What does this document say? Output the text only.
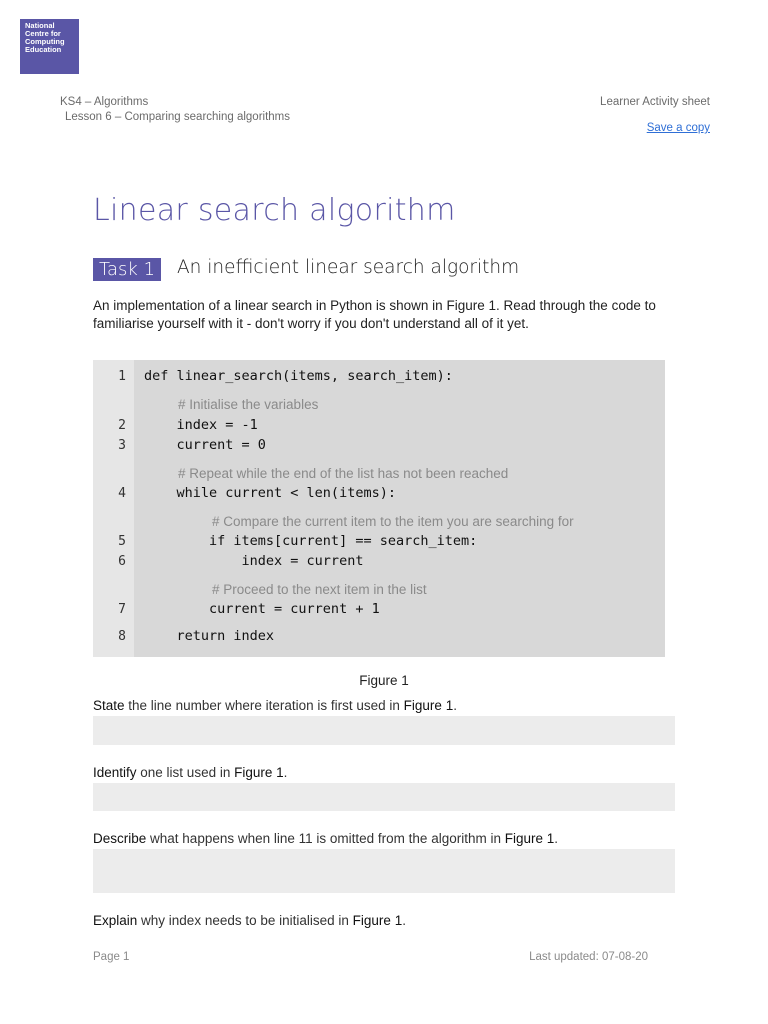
National
Centre for
Computing
Education
KS4 – Algorithms
Lesson 6 – Comparing searching algorithms
Learner Activity sheet
Save a copy
Linear search algorithm
Task 1	An inefficient linear search algorithm
An implementation of a linear search in Python is shown in Figure 1. Read through the code to familiarise yourself with it - don't worry if you don't understand all of it yet.
1 def linear_search(items, search_item):
# Initialise the variables
2 index = -1
3 current = 0
# Repeat while the end of the list has not been reached
4 while current < len(items):
# Compare the current item to the item you are searching for
5 if items[current] == search_item:
6 index = current
# Proceed to the next item in the list
7 current = current + 1
8 return index
Figure 1
State the line number where iteration is first used in Figure 1.
Identify one list used in Figure 1.
Describe what happens when line 11 is omitted from the algorithm in Figure 1.
Explain why index needs to be initialised in Figure 1.
Page 1	Last updated: 07-08-20
